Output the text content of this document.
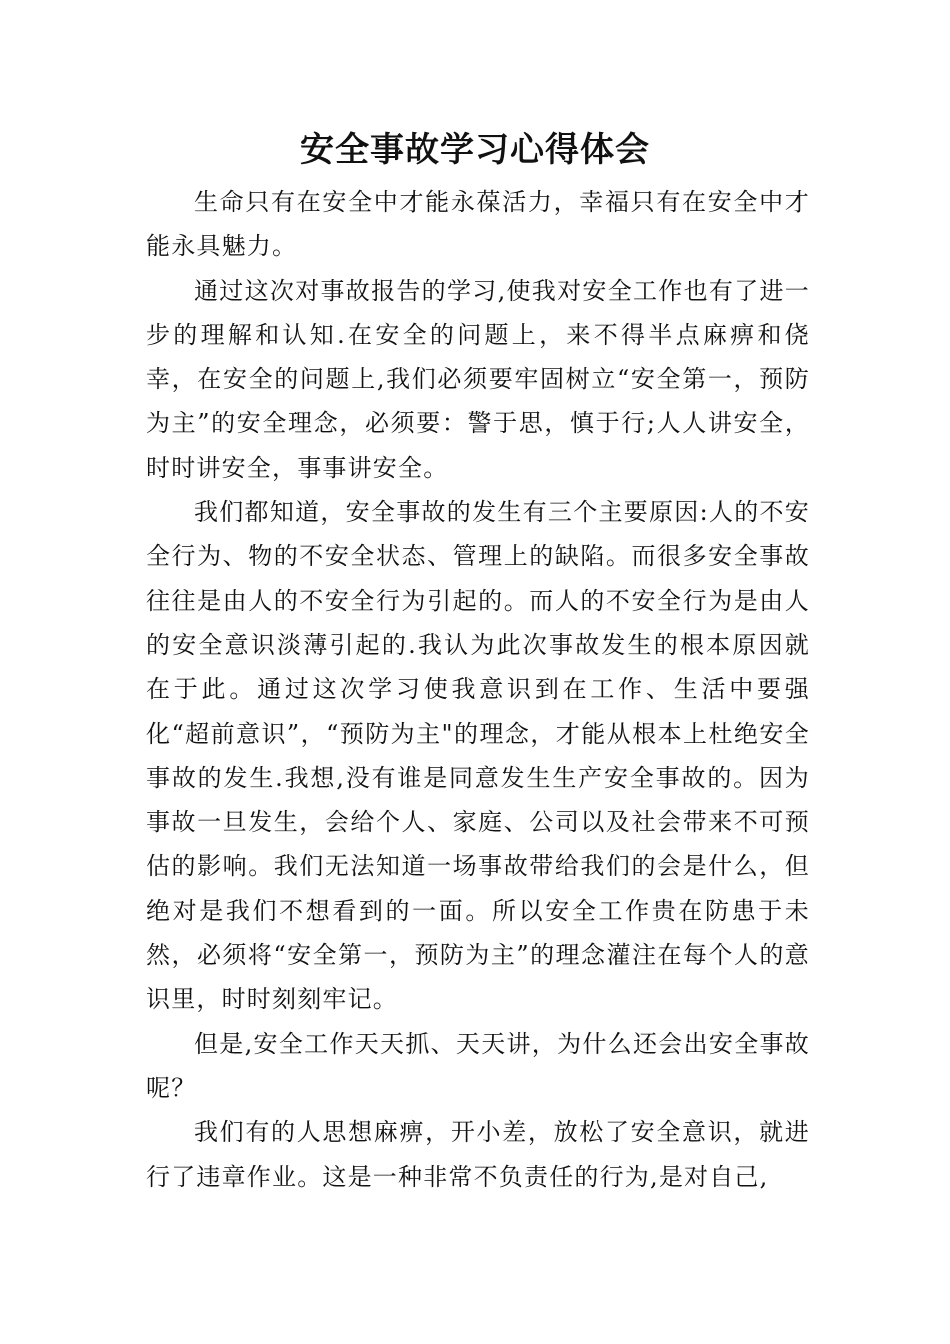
安全事故学习心得体会

生命只有在安全中才能永葆活力，幸福只有在安全中才能永具魅力。

通过这次对事故报告的学习,使我对安全工作也有了进一步的理解和认知.在安全的问题上，来不得半点麻痹和侥幸，在安全的问题上,我们必须要牢固树立“安全第一，预防为主”的安全理念，必须要：警于思，慎于行;人人讲安全，时时讲安全，事事讲安全。

我们都知道，安全事故的发生有三个主要原因:人的不安全行为、物的不安全状态、管理上的缺陷。而很多安全事故往往是由人的不安全行为引起的。而人的不安全行为是由人的安全意识淡薄引起的.我认为此次事故发生的根本原因就在于此。通过这次学习使我意识到在工作、生活中要强化“超前意识”，“预防为主"的理念，才能从根本上杜绝安全事故的发生.我想,没有谁是同意发生生产安全事故的。因为事故一旦发生，会给个人、家庭、公司以及社会带来不可预估的影响。我们无法知道一场事故带给我们的会是什么，但绝对是我们不想看到的一面。所以安全工作贵在防患于未然，必须将“安全第一，预防为主”的理念灌注在每个人的意识里，时时刻刻牢记。

但是,安全工作天天抓、天天讲，为什么还会出安全事故呢？

我们有的人思想麻痹，开小差，放松了安全意识，就进行了违章作业。这是一种非常不负责任的行为,是对自己,
